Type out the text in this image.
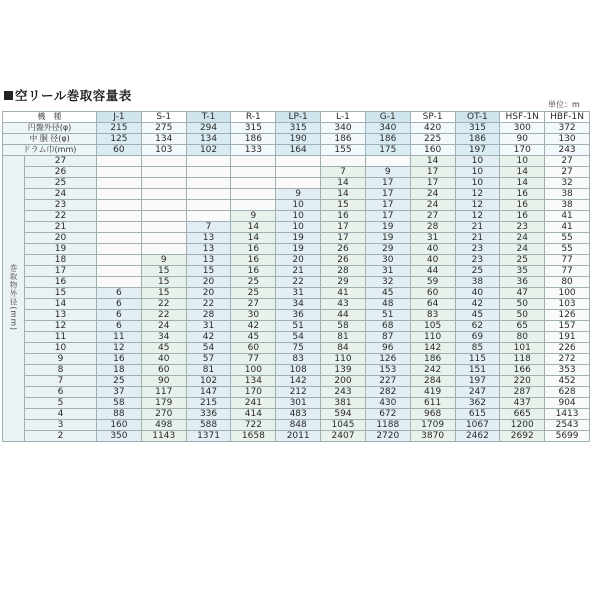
空リール巻取容量表
単位：m
機　種		J-1	S-1	T-1	R-1	LP-1	L-1	G-1	SP-1	OT-1	HSF-1N	HBF-1N
円盤外径(φ)		215	275	294	315	315	340	340	420	315	300	372
中 胴 径(φ)		125	134	134	186	190	186	186	225	186	90	130
ドラム巾(mm)		60	103	102	133	164	155	175	160	197	170	243
巻取物外径(mm)	27								14	10	10	27
	26						7	9	17	10	14	27
	25						14	17	17	10	14	32
	24					9	14	17	24	12	16	38
	23					10	15	17	24	12	16	38
	22				9	10	16	17	27	12	16	41
	21			7	14	10	17	19	28	21	23	41
	20			13	14	19	17	19	31	21	24	55
	19			13	16	19	26	29	40	23	24	55
	18		9	13	16	20	26	30	40	23	25	77
	17		15	15	16	21	28	31	44	25	35	77
	16		15	20	25	22	29	32	59	38	36	80
	15	6	15	20	25	31	41	45	60	40	47	100
	14	6	22	22	27	34	43	48	64	42	50	103
	13	6	22	28	30	36	44	51	83	45	50	126
	12	6	24	31	42	51	58	68	105	62	65	157
	11	11	34	42	45	54	81	87	110	69	80	191
	10	12	45	54	60	75	84	96	142	85	101	226
	9	16	40	57	77	83	110	126	186	115	118	272
	8	18	60	81	100	108	139	153	242	151	166	353
	7	25	90	102	134	142	200	227	284	197	220	452
	6	37	117	147	170	212	243	282	419	247	287	628
	5	58	179	215	241	301	381	430	611	362	437	904
	4	88	270	336	414	483	594	672	968	615	665	1413
	3	160	498	588	722	848	1045	1188	1709	1067	1200	2543
	2	350	1143	1371	1658	2011	2407	2720	3870	2462	2692	5699
